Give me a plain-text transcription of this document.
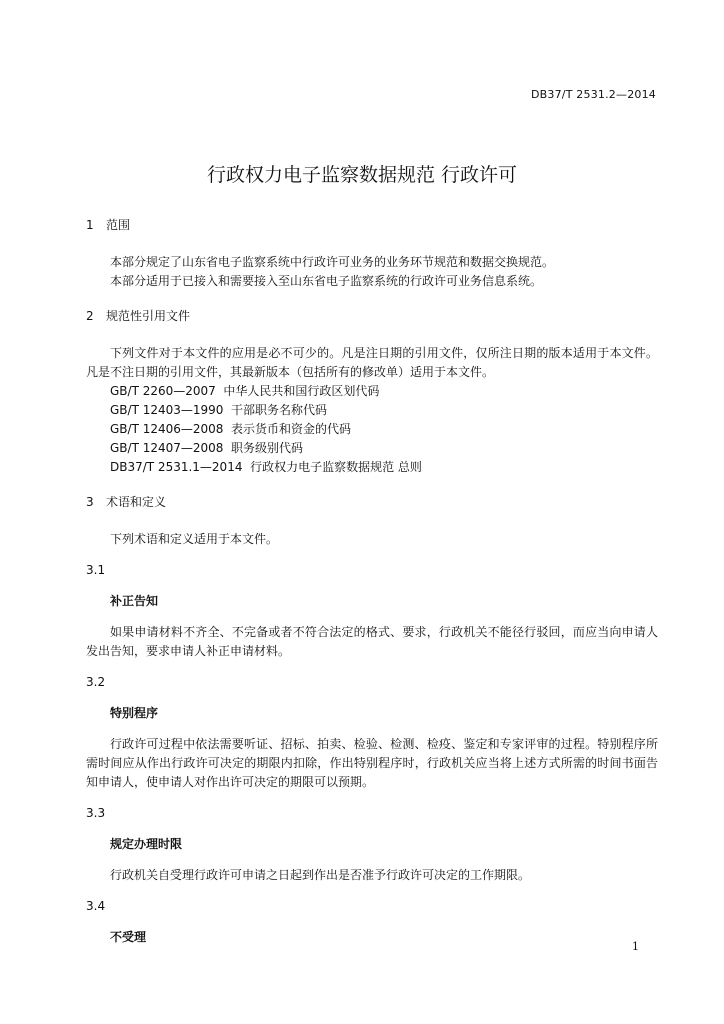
DB37/T 2531.2—2014
行政权力电子监察数据规范 行政许可

1 范围

本部分规定了山东省电子监察系统中行政许可业务的业务环节规范和数据交换规范。

本部分适用于已接入和需要接入至山东省电子监察系统的行政许可业务信息系统。

2 规范性引用文件

下列文件对于本文件的应用是必不可少的。凡是注日期的引用文件，仅所注日期的版本适用于本文件。凡是不注日期的引用文件，其最新版本（包括所有的修改单）适用于本文件。

GB/T 2260—2007  中华人民共和国行政区划代码

GB/T 12403—1990  干部职务名称代码

GB/T 12406—2008  表示货币和资金的代码

GB/T 12407—2008  职务级别代码

DB37/T 2531.1—2014  行政权力电子监察数据规范 总则

3 术语和定义

下列术语和定义适用于本文件。

3.1

补正告知

如果申请材料不齐全、不完备或者不符合法定的格式、要求，行政机关不能径行驳回，而应当向申请人发出告知，要求申请人补正申请材料。

3.2

特别程序

行政许可过程中依法需要听证、招标、拍卖、检验、检测、检疫、鉴定和专家评审的过程。特别程序所需时间应从作出行政许可决定的期限内扣除，作出特别程序时，行政机关应当将上述方式所需的时间书面告知申请人，使申请人对作出许可决定的期限可以预期。

3.3

规定办理时限

行政机关自受理行政许可申请之日起到作出是否准予行政许可决定的工作期限。

3.4

不受理

1
